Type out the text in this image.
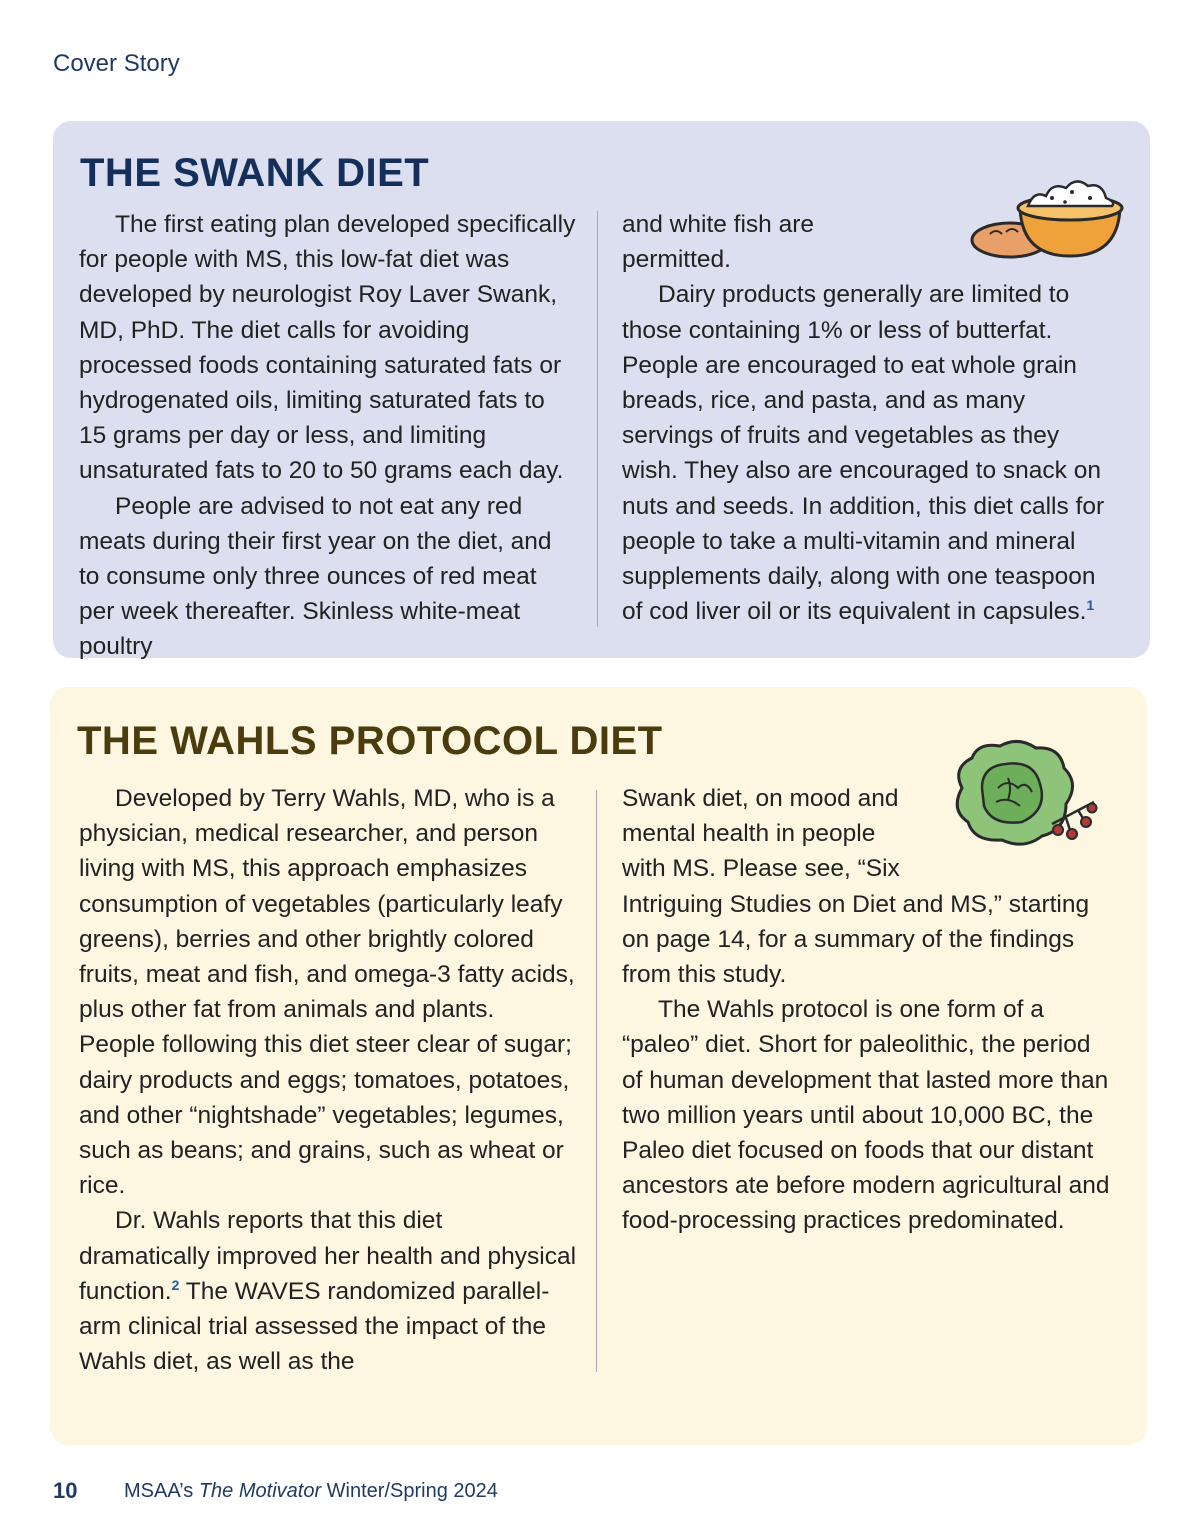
Cover Story
THE SWANK DIET
THE WAHLS PROTOCOL DIET

The first eating plan developed specifically for people with MS, this low-fat diet was developed by neurologist Roy Laver Swank, MD, PhD. The diet calls for avoiding processed foods containing saturated fats or hydrogenated oils, limiting saturated fats to 15 grams per day or less, and limiting unsaturated fats to 20 to 50 grams each day.

People are advised to not eat any red meats during their first year on the diet, and to consume only three ounces of red meat per week thereafter. Skinless white-meat poultry

and white fish are permitted.

Dairy products generally are limited to those containing 1% or less of butterfat. People are encouraged to eat whole grain breads, rice, and pasta, and as many servings of fruits and vegetables as they wish. They also are encouraged to snack on nuts and seeds. In addition, this diet calls for people to take a multi-vitamin and mineral supplements daily, along with one teaspoon of cod liver oil or its equivalent in capsules.$^1$

Developed by Terry Wahls, MD, who is a physician, medical researcher, and person living with MS, this approach emphasizes consumption of vegetables (particularly leafy greens), berries and other brightly colored fruits, meat and fish, and omega-3 fatty acids, plus other fat from animals and plants. People following this diet steer clear of sugar; dairy products and eggs; tomatoes, potatoes, and other “nightshade” vegetables; legumes, such as beans; and grains, such as wheat or rice.

Dr. Wahls reports that this diet dramatically improved her health and physical function.$^2$ The WAVES randomized parallel-arm clinical trial assessed the impact of the Wahls diet, as well as the

Swank diet, on mood and mental health in people with MS. Please see, “Six Intriguing Studies on Diet and MS,” starting on page 14, for a summary of the findings from this study.

The Wahls protocol is one form of a “paleo” diet. Short for paleolithic, the period of human development that lasted more than two million years until about 10,000 BC, the Paleo diet focused on foods that our distant ancestors ate before modern agricultural and food-processing practices predominated.

10 MSAA’s The Motivator Winter/Spring 2024
